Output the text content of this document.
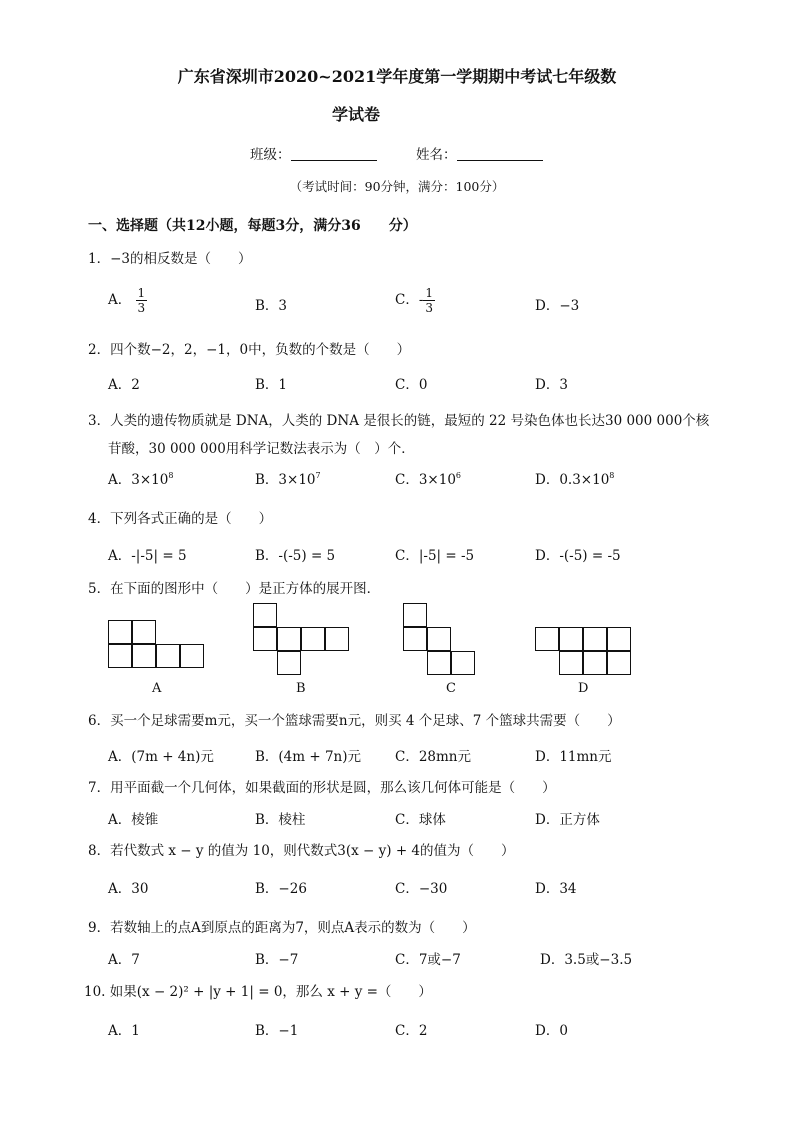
广东省深圳市2020~2021学年度第一学期期中考试七年级数
学试卷
班级：	姓名：
（考试时间：90分钟，满分：100分）
一、选择题（共12小题，每题3分，满分36　　分）
1．−3的相反数是（　　）
A． $\frac{1}{3}$	B．3	C．- $\frac{1}{3}$	D．−3
2．四个数−2，2，−1，0中，负数的个数是（　　）
A．2	B．1	C．0	D．3
3．人类的遗传物质就是 DNA，人类的 DNA 是很长的链，最短的 22 号染色体也长达30 000 000个核
苷酸，30 000 000用科学记数法表示为（　）个．
A．$3\times 10^8$	B．$3\times 10^7$	C．$3\times 10^6$	D．$0.3\times 10^8$
4．下列各式正确的是（　　）
A．-|-5| = 5	B．-(-5) = 5	C．|-5| = -5	D．-(-5) = -5
5．在下面的图形中（　　）是正方体的展开图．
A	B	C	D
6．买一个足球需要m元，买一个篮球需要n元，则买 4 个足球、7 个篮球共需要（　　）
A．(7m + 4n)元	B．(4m + 7n)元	C．28mn元	D．11mn元
7．用平面截一个几何体，如果截面的形状是圆，那么该几何体可能是（　　）
A．棱锥	B．棱柱	C．球体	D．正方体
8．若代数式 x − y 的值为 10，则代数式3(x − y) + 4的值为（　　）
A．30	B．−26	C．−30	D．34
9．若数轴上的点A到原点的距离为7，则点A表示的数为（　　）
A．7	B．−7	C．7或−7	D．3.5或−3.5
10. 如果(x − 2)² + |y + 1| = 0，那么 x + y =（　　）
A．1	B．−1	C．2	D．0
